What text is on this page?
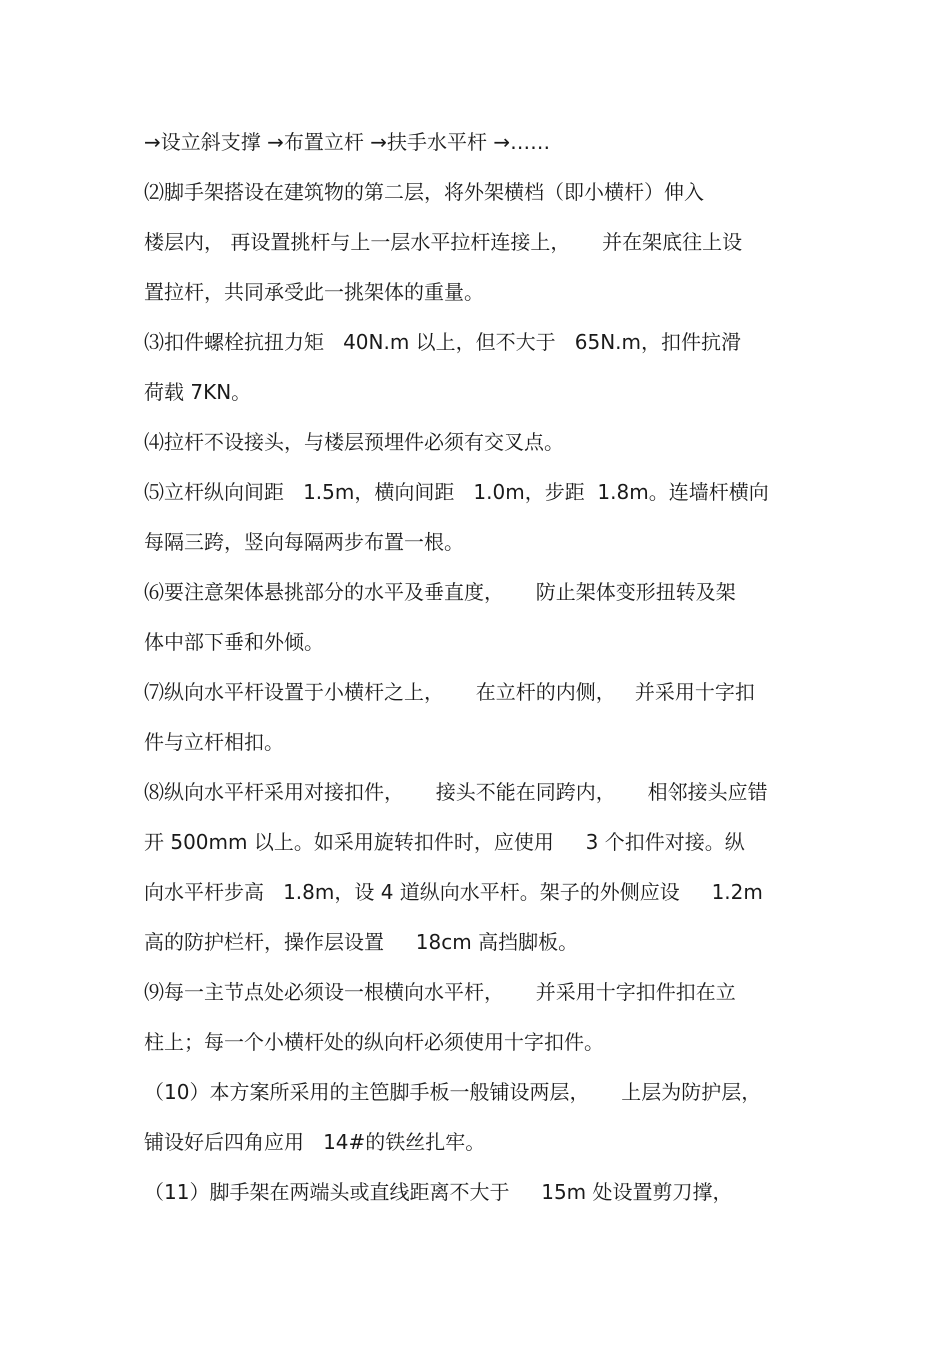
→设立斜支撑 →布置立杆 →扶手水平杆 →……
⑵脚手架搭设在建筑物的第二层，将外架横档（即小横杆）伸入
楼层内， 再设置挑杆与上一层水平拉杆连接上，     并在架底往上设
置拉杆，共同承受此一挑架体的重量。
⑶扣件螺栓抗扭力矩   40N.m 以上，但不大于   65N.m，扣件抗滑
荷载 7KN。
⑷拉杆不设接头，与楼层预埋件必须有交叉点。
⑸立杆纵向间距   1.5m，横向间距   1.0m，步距  1.8m。连墙杆横向
每隔三跨，竖向每隔两步布置一根。
⑹要注意架体悬挑部分的水平及垂直度，     防止架体变形扭转及架
体中部下垂和外倾。
⑺纵向水平杆设置于小横杆之上，     在立杆的内侧，   并采用十字扣
件与立杆相扣。
⑻纵向水平杆采用对接扣件，     接头不能在同跨内，     相邻接头应错
开 500mm 以上。如采用旋转扣件时，应使用     3 个扣件对接。纵
向水平杆步高   1.8m，设 4 道纵向水平杆。架子的外侧应设     1.2m
高的防护栏杆，操作层设置     18cm 高挡脚板。
⑼每一主节点处必须设一根横向水平杆，     并采用十字扣件扣在立
柱上；每一个小横杆处的纵向杆必须使用十字扣件。
（10）本方案所采用的主笆脚手板一般铺设两层，     上层为防护层，
铺设好后四角应用   14#的铁丝扎牢。
（11）脚手架在两端头或直线距离不大于     15m 处设置剪刀撑，
